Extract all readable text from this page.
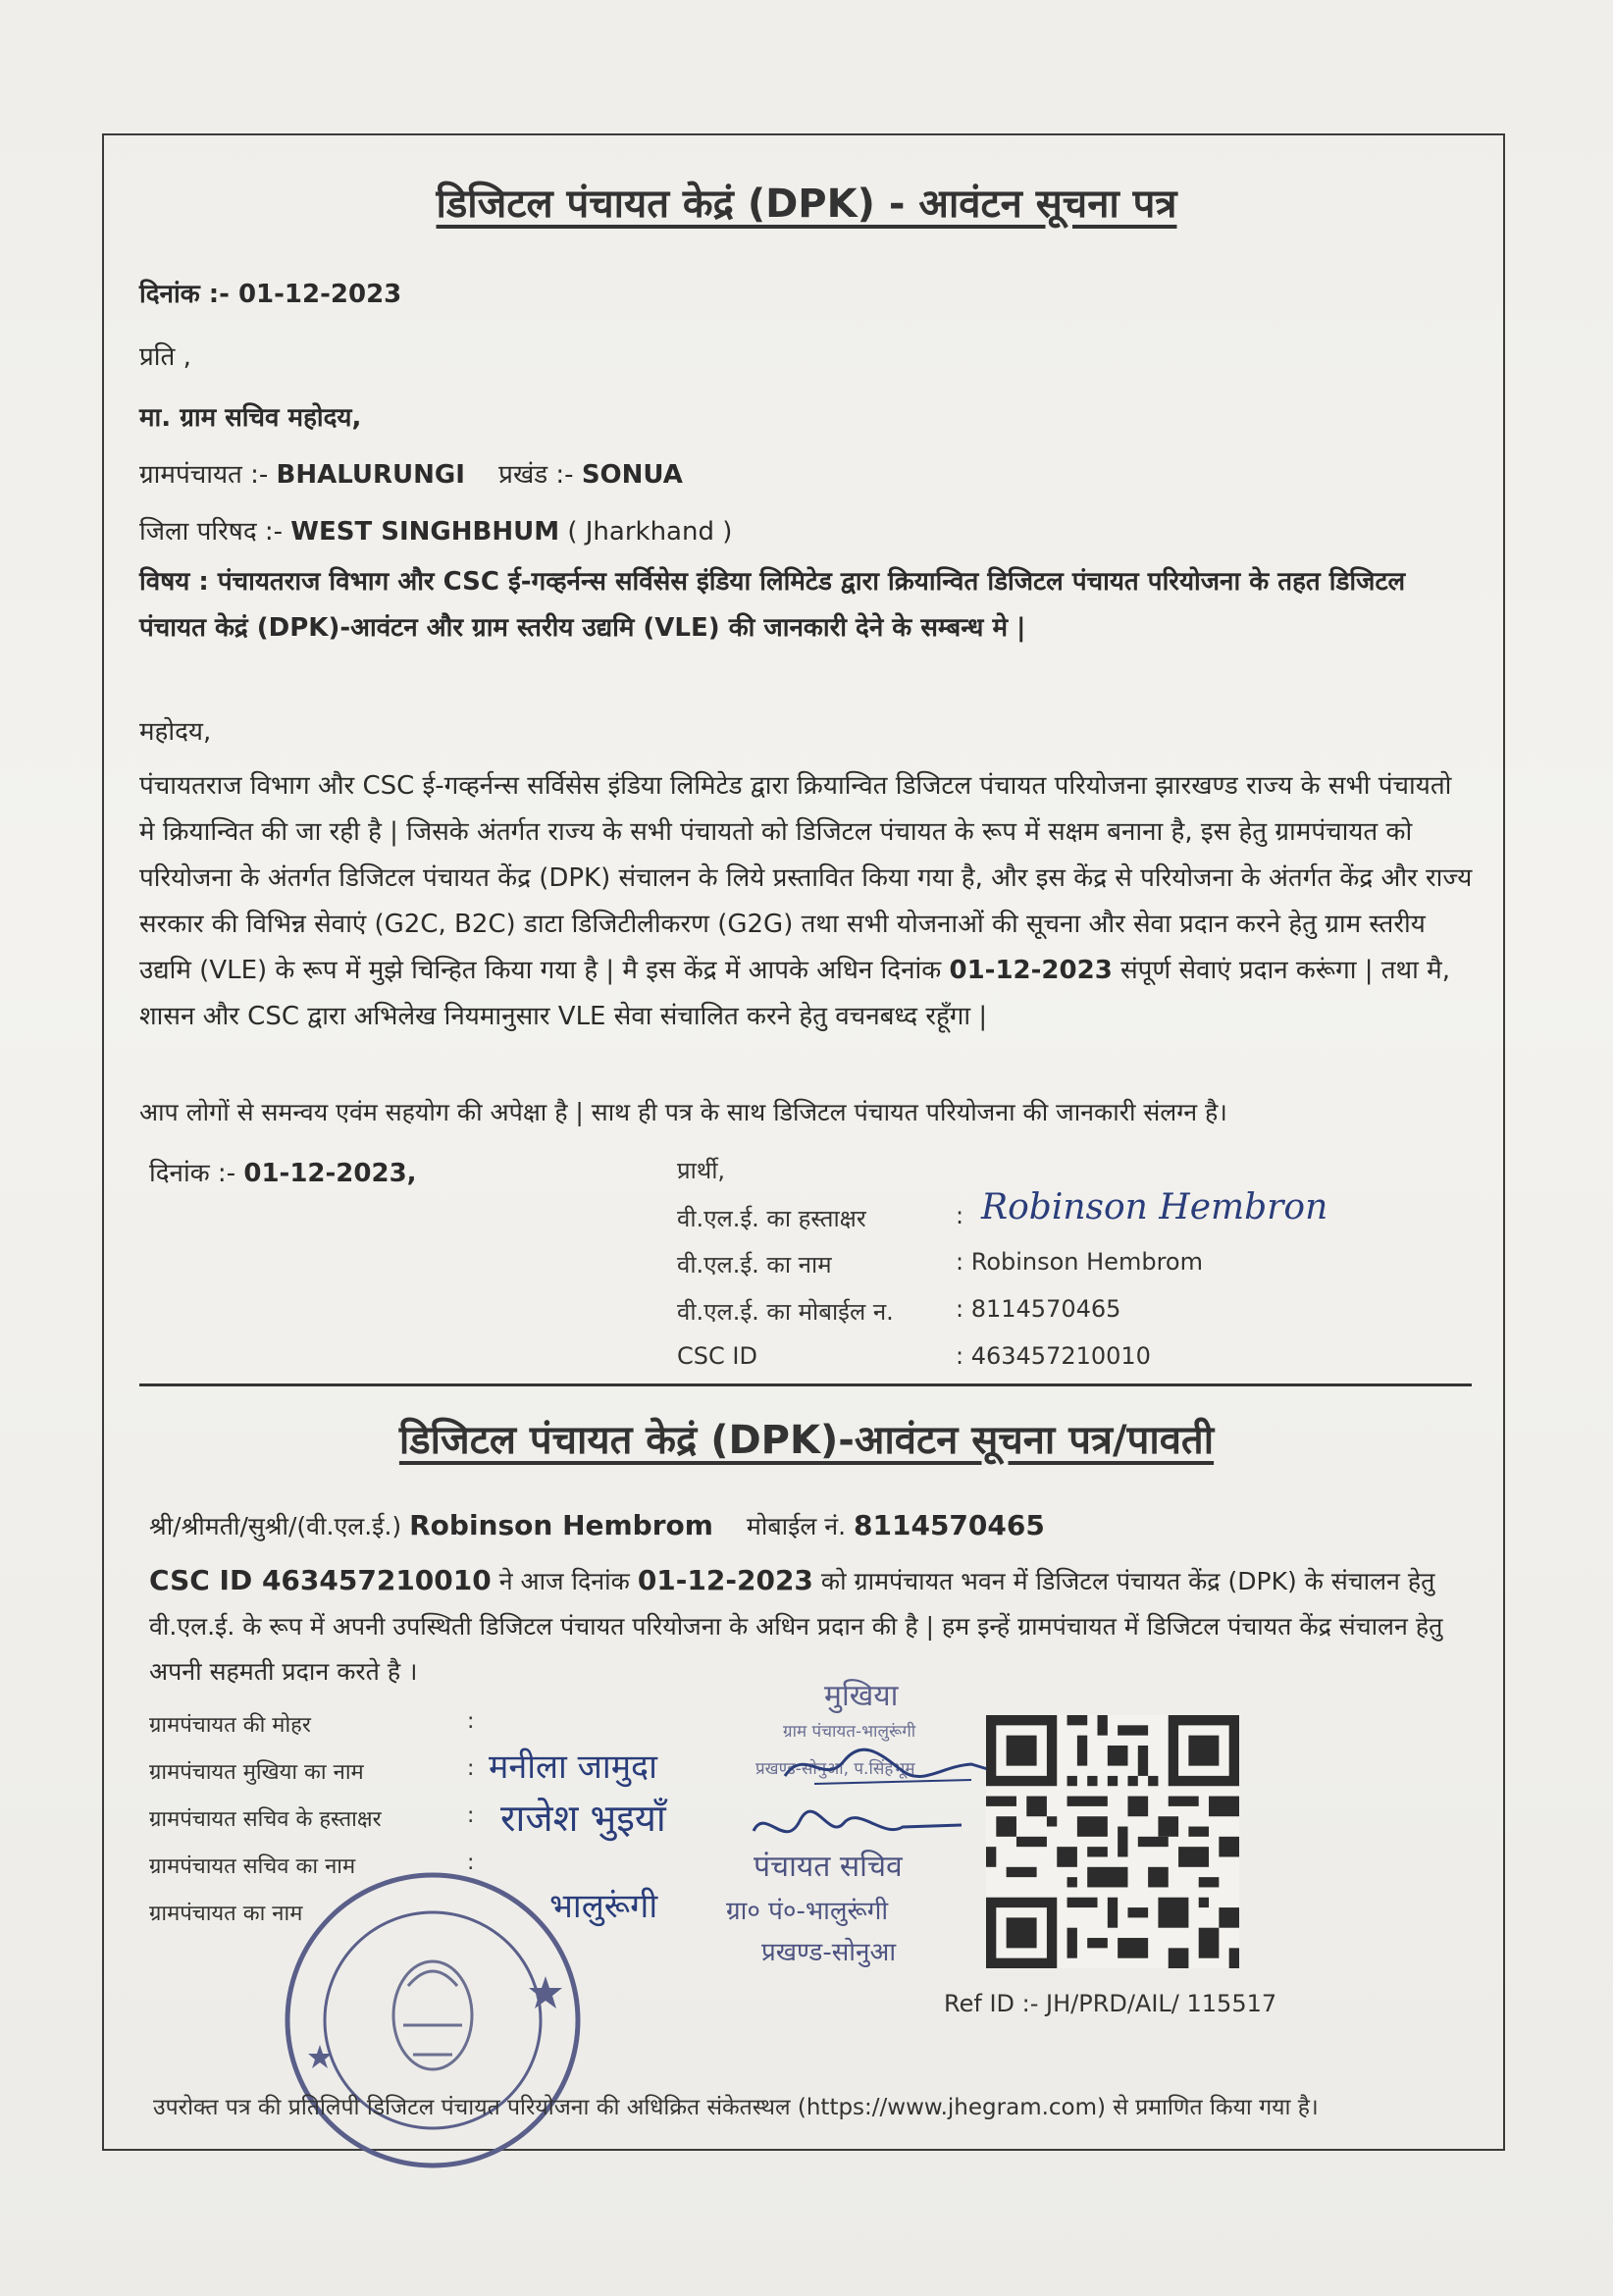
डिजिटल पंचायत केद्रं (DPK) - आवंटन सूचना पत्र
दिनांक :- 01-12-2023
प्रति ,
मा. ग्राम सचिव महोदय,
ग्रामपंचायत :- BHALURUNGI प्रखंड :- SONUA
जिला परिषद :- WEST SINGHBHUM ( Jharkhand )
विषय : पंचायतराज विभाग और CSC ई-गव्हर्नन्स सर्विसेस इंडिया लिमिटेड द्वारा क्रियान्वित डिजिटल पंचायत परियोजना के तहत डिजिटल पंचायत केद्रं (DPK)-आवंटन और ग्राम स्तरीय उद्यमि (VLE) की जानकारी देने के सम्बन्ध मे |
महोदय,
पंचायतराज विभाग और CSC ई-गव्हर्नन्स सर्विसेस इंडिया लिमिटेड द्वारा क्रियान्वित डिजिटल पंचायत परियोजना झारखण्ड राज्य के सभी पंचायतो मे क्रियान्वित की जा रही है | जिसके अंतर्गत राज्य के सभी पंचायतो को डिजिटल पंचायत के रूप में सक्षम बनाना है, इस हेतु ग्रामपंचायत को परियोजना के अंतर्गत डिजिटल पंचायत केंद्र (DPK) संचालन के लिये प्रस्तावित किया गया है, और इस केंद्र से परियोजना के अंतर्गत केंद्र और राज्य सरकार की विभिन्न सेवाएं (G2C, B2C) डाटा डिजिटीलीकरण (G2G) तथा सभी योजनाओं की सूचना और सेवा प्रदान करने हेतु ग्राम स्तरीय उद्यमि (VLE) के रूप में मुझे चिन्हित किया गया है | मै इस केंद्र में आपके अधिन दिनांक 01-12-2023 संपूर्ण सेवाएं प्रदान करूंगा | तथा मै, शासन और CSC द्वारा अभिलेख नियमानुसार VLE सेवा संचालित करने हेतु वचनबध्द रहूँगा |
आप लोगों से समन्वय एवंम सहयोग की अपेक्षा है | साथ ही पत्र के साथ डिजिटल पंचायत परियोजना की जानकारी संलग्न है।
दिनांक :- 01-12-2023,	प्रार्थी,
वी.एल.ई. का हस्ताक्षर	: Robinson Hembron
वी.एल.ई. का नाम	: Robinson Hembrom
वी.एल.ई. का मोबाईल न.	: 8114570465
CSC ID	: 463457210010
डिजिटल पंचायत केद्रं (DPK)-आवंटन सूचना पत्र/पावती
श्री/श्रीमती/सुश्री/(वी.एल.ई.) Robinson Hembrom मोबाईल नं. 8114570465
CSC ID 463457210010 ने आज दिनांक 01-12-2023 को ग्रामपंचायत भवन में डिजिटल पंचायत केंद्र (DPK) के संचालन हेतु वी.एल.ई. के रूप में अपनी उपस्थिती डिजिटल पंचायत परियोजना के अधिन प्रदान की है | हम इन्हें ग्रामपंचायत में डिजिटल पंचायत केंद्र संचालन हेतु अपनी सहमती प्रदान करते है ।
ग्रामपंचायत की मोहर	:
ग्रामपंचायत मुखिया का नाम	: मनीला जामुदा
ग्रामपंचायत सचिव के हस्ताक्षर	: राजेश भुइयाँ
ग्रामपंचायत सचिव का नाम	:
ग्रामपंचायत का नाम	भालुरूंगी
मुखिया
ग्राम पंचायत-भालुरूंगी
प्रखण्ड-सोनुआ, प.सिंहभूम
पंचायत सचिव
ग्रा० पं०-भालुरूंगी
प्रखण्ड-सोनुआ
Ref ID :- JH/PRD/AIL/ 115517
उपरोक्त पत्र की प्रतिलिपी डिजिटल पंचायत परियोजना की अधिक्रित संकेतस्थल (https://www.jhegram.com) से प्रमाणित किया गया है।
